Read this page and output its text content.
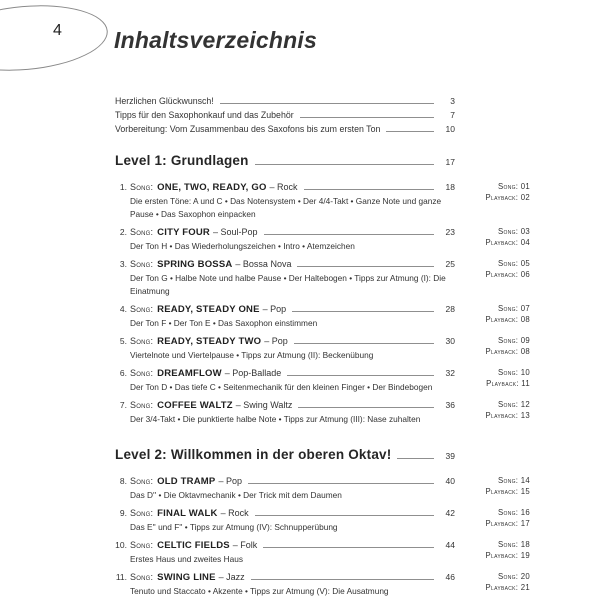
4 Inhaltsverzeichnis
Herzlichen Glückwunsch!	3
Tipps für den Saxophonkauf und das Zubehör	7
Vorbereitung: Vom Zusammenbau des Saxofons bis zum ersten Ton	10
Level 1: Grundlagen	17
1. Song: ONE, TWO, READY, GO – Rock	18
Die ersten Töne: A und C • Das Notensystem • Der 4/4-Takt • Ganze Note und ganze Pause • Das Saxophon einpacken
Song: 01
Playback: 02
2. Song: CITY FOUR – Soul-Pop	23
Der Ton H • Das Wiederholungszeichen • Intro • Atemzeichen
Song: 03
Playback: 04
3. Song: SPRING BOSSA – Bossa Nova	25
Der Ton G • Halbe Note und halbe Pause • Der Haltebogen • Tipps zur Atmung (I): Die Einatmung
Song: 05
Playback: 06
4. Song: READY, STEADY ONE – Pop	28
Der Ton F • Der Ton E • Das Saxophon einstimmen
Song: 07
Playback: 08
5. Song: READY, STEADY TWO – Pop	30
Viertelnote und Viertelpause • Tipps zur Atmung (II): Beckenübung
Song: 09
Playback: 08
6. Song: DREAMFLOW – Pop-Ballade	32
Der Ton D • Das tiefe C • Seitenmechanik für den kleinen Finger • Der Bindebogen
Song: 10
Playback: 11
7. Song: COFFEE WALTZ – Swing Waltz	36
Der 3/4-Takt • Die punktierte halbe Note • Tipps zur Atmung (III): Nase zuhalten
Song: 12
Playback: 13
Level 2: Willkommen in der oberen Oktav!	39
8. Song: OLD TRAMP – Pop	40
Das D'' • Die Oktavmechanik • Der Trick mit dem Daumen
Song: 14
Playback: 15
9. Song: FINAL WALK – Rock	42
Das E'' und F'' • Tipps zur Atmung (IV): Schnupperübung
Song: 16
Playback: 17
10. Song: CELTIC FIELDS – Folk	44
Erstes Haus und zweites Haus
Song: 18
Playback: 19
11. Song: SWING LINE – Jazz	46
Tenuto und Staccato • Akzente • Tipps zur Atmung (V): Die Ausatmung
Song: 20
Playback: 21
